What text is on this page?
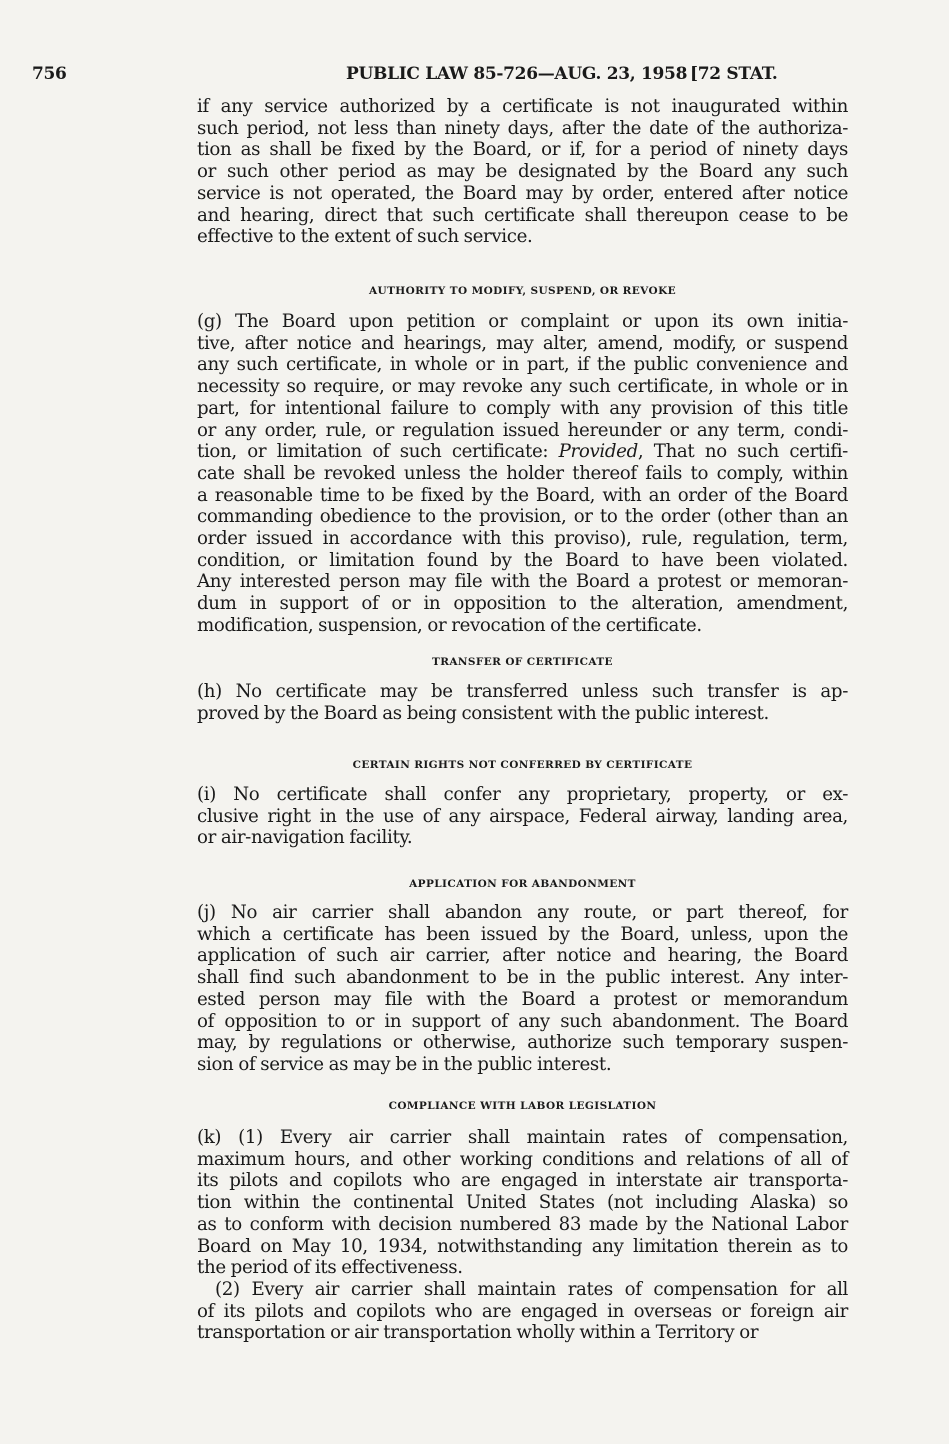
756	PUBLIC LAW 85-726—AUG. 23, 1958 [72 STAT.
if any service authorized by a certificate is not inaugurated within
such period, not less than ninety days, after the date of the authoriza-
tion as shall be fixed by the Board, or if, for a period of ninety days
or such other period as may be designated by the Board any such
service is not operated, the Board may by order, entered after notice
and hearing, direct that such certificate shall thereupon cease to be
effective to the extent of such service.
AUTHORITY TO MODIFY, SUSPEND, OR REVOKE
(g) The Board upon petition or complaint or upon its own initia-
tive, after notice and hearings, may alter, amend, modify, or suspend
any such certificate, in whole or in part, if the public convenience and
necessity so require, or may revoke any such certificate, in whole or in
part, for intentional failure to comply with any provision of this title
or any order, rule, or regulation issued hereunder or any term, condi-
tion, or limitation of such certificate: Provided, That no such certifi-
cate shall be revoked unless the holder thereof fails to comply, within
a reasonable time to be fixed by the Board, with an order of the Board
commanding obedience to the provision, or to the order (other than an
order issued in accordance with this proviso), rule, regulation, term,
condition, or limitation found by the Board to have been violated.
Any interested person may file with the Board a protest or memoran-
dum in support of or in opposition to the alteration, amendment,
modification, suspension, or revocation of the certificate.
TRANSFER OF CERTIFICATE
(h) No certificate may be transferred unless such transfer is ap-
proved by the Board as being consistent with the public interest.
CERTAIN RIGHTS NOT CONFERRED BY CERTIFICATE
(i) No certificate shall confer any proprietary, property, or ex-
clusive right in the use of any airspace, Federal airway, landing area,
or air-navigation facility.
APPLICATION FOR ABANDONMENT
(j) No air carrier shall abandon any route, or part thereof, for
which a certificate has been issued by the Board, unless, upon the
application of such air carrier, after notice and hearing, the Board
shall find such abandonment to be in the public interest. Any inter-
ested person may file with the Board a protest or memorandum
of opposition to or in support of any such abandonment. The Board
may, by regulations or otherwise, authorize such temporary suspen-
sion of service as may be in the public interest.
COMPLIANCE WITH LABOR LEGISLATION
(k) (1) Every air carrier shall maintain rates of compensation,
maximum hours, and other working conditions and relations of all of
its pilots and copilots who are engaged in interstate air transporta-
tion within the continental United States (not including Alaska) so
as to conform with decision numbered 83 made by the National Labor
Board on May 10, 1934, notwithstanding any limitation therein as to
the period of its effectiveness.
(2) Every air carrier shall maintain rates of compensation for all
of its pilots and copilots who are engaged in overseas or foreign air
transportation or air transportation wholly within a Territory or
